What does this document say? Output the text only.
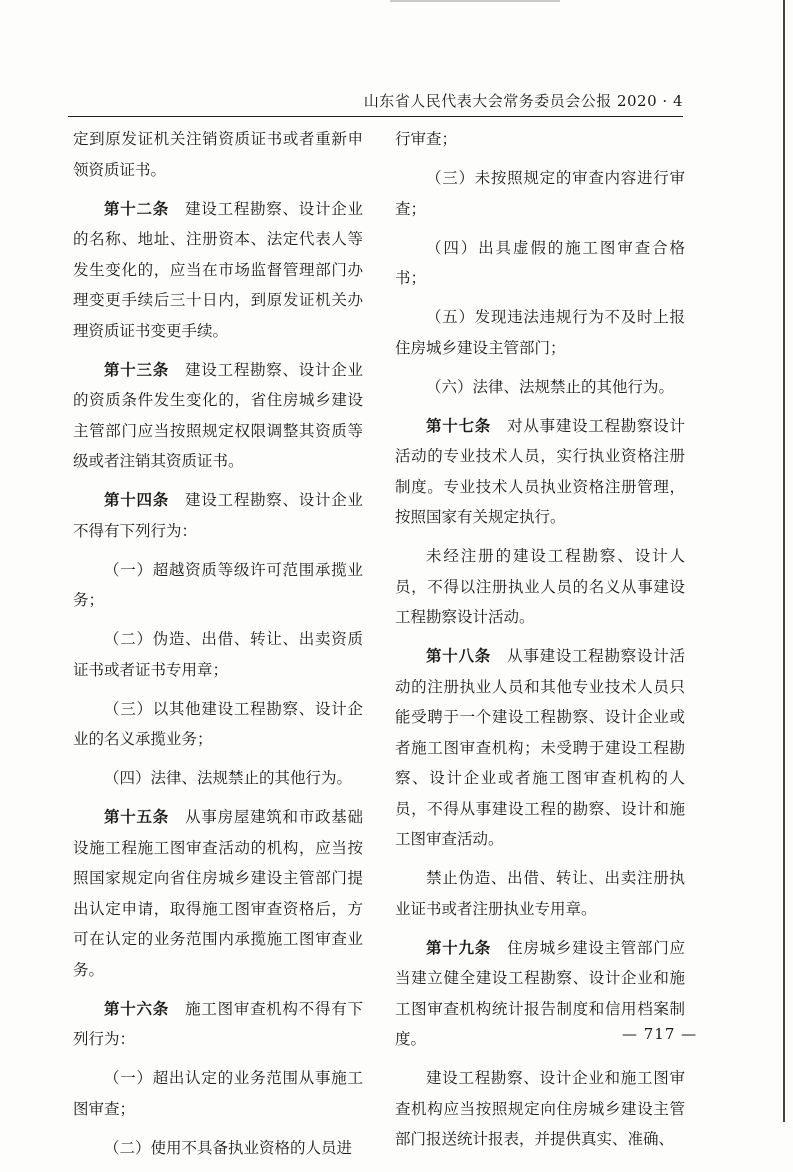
山东省人民代表大会常务委员会公报 2020 · 4

定到原发证机关注销资质证书或者重新申领资质证书。

第十二条　 建设工程勘察、设计企业的名称、地址、注册资本、法定代表人等发生变化的，应当在市场监督管理部门办理变更手续后三十日内，到原发证机关办理资质证书变更手续。

第十三条　 建设工程勘察、设计企业的资质条件发生变化的，省住房城乡建设主管部门应当按照规定权限调整其资质等级或者注销其资质证书。

第十四条　 建设工程勘察、设计企业不得有下列行为：

（一）超越资质等级许可范围承揽业务；

（二）伪造、出借、转让、出卖资质证书或者证书专用章；

（三）以其他建设工程勘察、设计企业的名义承揽业务；

（四）法律、法规禁止的其他行为。

第十五条　 从事房屋建筑和市政基础设施工程施工图审查活动的机构，应当按照国家规定向省住房城乡建设主管部门提出认定申请，取得施工图审查资格后，方可在认定的业务范围内承揽施工图审查业务。

第十六条　 施工图审查机构不得有下列行为：

（一）超出认定的业务范围从事施工图审查；

（二）使用不具备执业资格的人员进

行审查；

（三）未按照规定的审查内容进行审查；

（四）出具虚假的施工图审查合格书；

（五）发现违法违规行为不及时上报住房城乡建设主管部门；

（六）法律、法规禁止的其他行为。

第十七条　 对从事建设工程勘察设计活动的专业技术人员，实行执业资格注册制度。专业技术人员执业资格注册管理，按照国家有关规定执行。

未经注册的建设工程勘察、设计人员，不得以注册执业人员的名义从事建设工程勘察设计活动。

第十八条　 从事建设工程勘察设计活动的注册执业人员和其他专业技术人员只能受聘于一个建设工程勘察、设计企业或者施工图审查机构；未受聘于建设工程勘察、设计企业或者施工图审查机构的人员，不得从事建设工程的勘察、设计和施工图审查活动。

禁止伪造、出借、转让、出卖注册执业证书或者注册执业专用章。

第十九条　 住房城乡建设主管部门应当建立健全建设工程勘察、设计企业和施工图审查机构统计报告制度和信用档案制度。

建设工程勘察、设计企业和施工图审查机构应当按照规定向住房城乡建设主管部门报送统计报表，并提供真实、准确、

— 717 —
